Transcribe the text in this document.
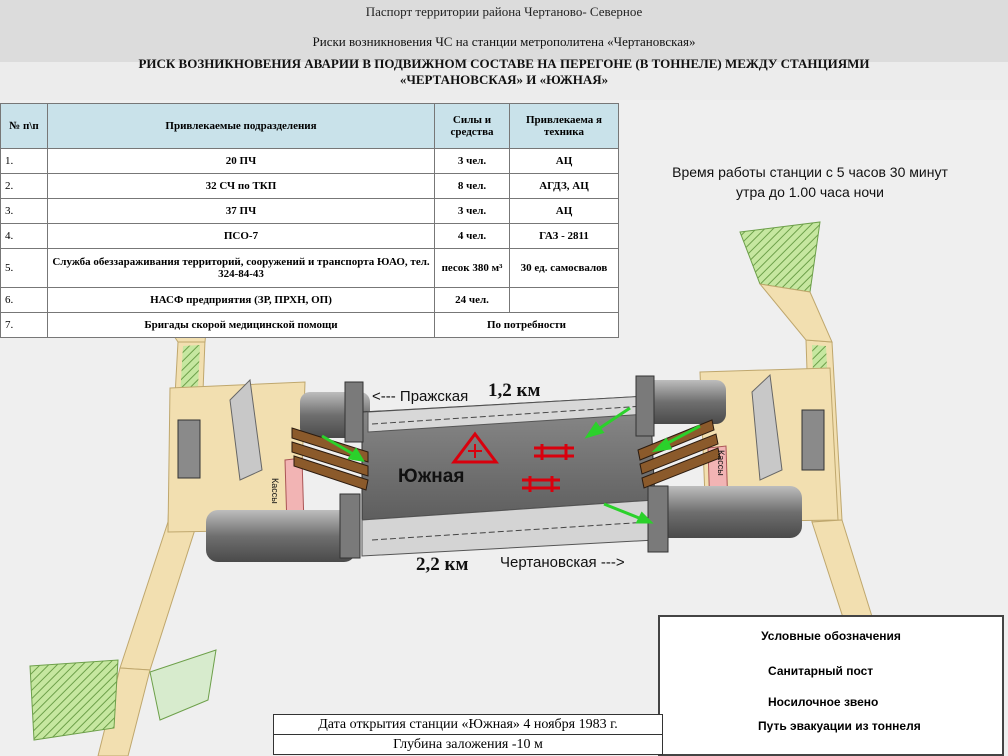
Паспорт территории района Чертаново- Северное
Риски возникновения ЧС на станции метрополитена «Чертановская»
РИСК ВОЗНИКНОВЕНИЯ АВАРИИ В ПОДВИЖНОМ СОСТАВЕ НА ПЕРЕГОНЕ (В ТОННЕЛЕ) МЕЖДУ СТАНЦИЯМИ
«ЧЕРТАНОВСКАЯ» И «ЮЖНАЯ»
№ п\п	Привлекаемые подразделения	Силы и средства	Привлекаема я техника
1.	20 ПЧ	3 чел.	АЦ
2.	32 СЧ по ТКП	8 чел.	АГДЗ, АЦ
3.	37 ПЧ	3 чел.	АЦ
4.	ПСО-7	4 чел.	ГАЗ - 2811
5.	Служба обеззараживания территорий, сооружений и транспорта ЮАО, тел. 324-84-43	песок 380 м³	30 ед. самосвалов
6.	НАСФ предприятия (ЗР, ПРХН, ОП)	24 чел.	
7.	Бригады скорой медицинской помощи	По потребности	
Время работы станции с 5 часов 30 минут
утра до 1.00 часа ночи
<--- Пражская 1,2 км
Южная
2,2 км Чертановская --->
Кассы
Кассы
Условные обозначения
Санитарный пост
Носилочное звено
Путь эвакуации из тоннеля
Дата открытия станции «Южная» 4 ноября 1983 г.
Глубина заложения -10 м
